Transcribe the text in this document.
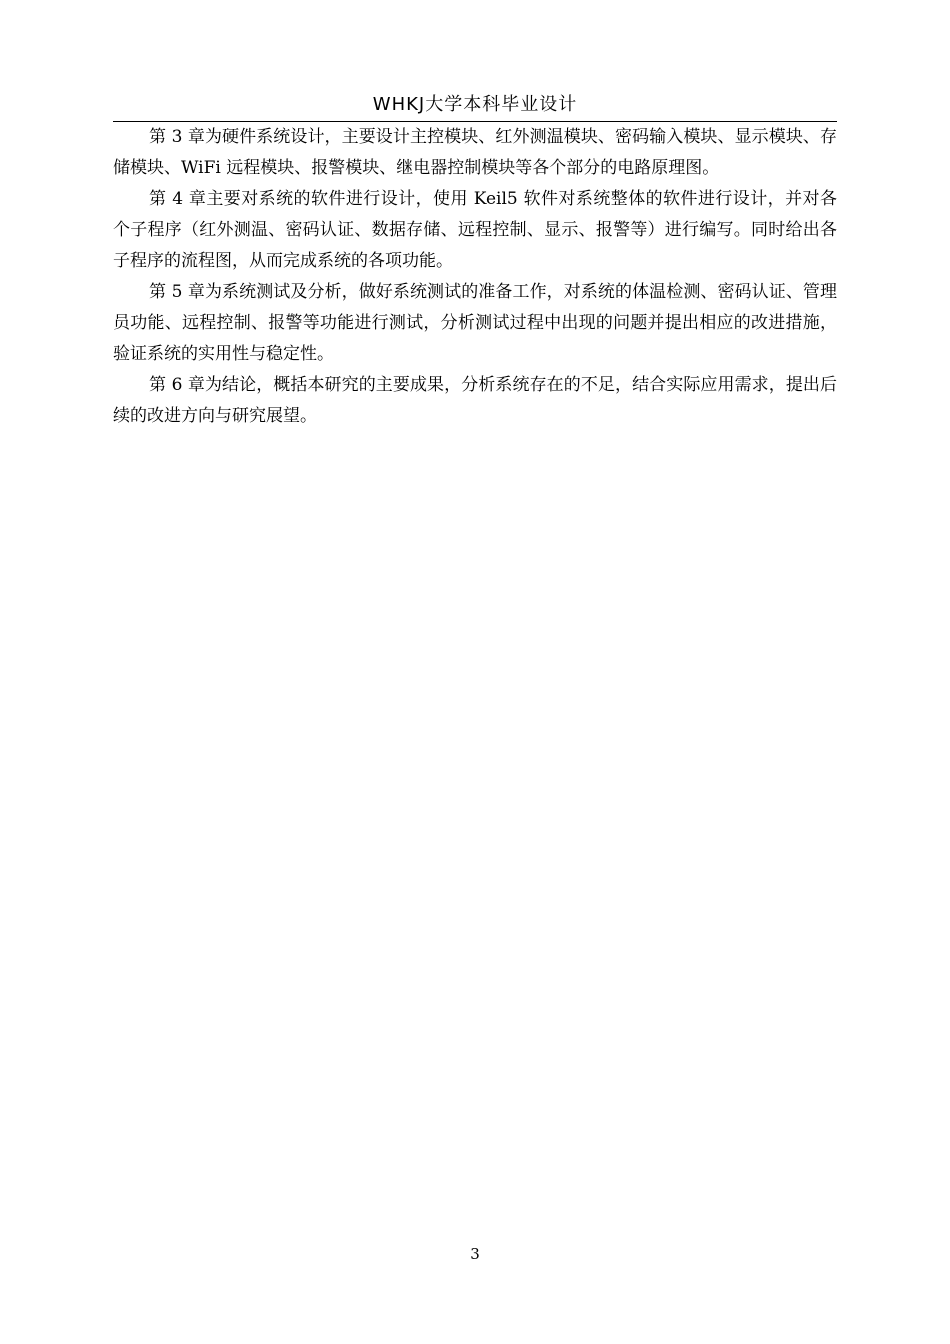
WHKJ大学本科毕业设计

第 3 章为硬件系统设计，主要设计主控模块、红外测温模块、密码输入模块、显示模块、存储模块、WiFi 远程模块、报警模块、继电器控制模块等各个部分的电路原理图。

第 4 章主要对系统的软件进行设计，使用 Keil5 软件对系统整体的软件进行设计，并对各个子程序（红外测温、密码认证、数据存储、远程控制、显示、报警等）进行编写。同时给出各子程序的流程图，从而完成系统的各项功能。

第 5 章为系统测试及分析，做好系统测试的准备工作，对系统的体温检测、密码认证、管理员功能、远程控制、报警等功能进行测试，分析测试过程中出现的问题并提出相应的改进措施，验证系统的实用性与稳定性。

第 6 章为结论，概括本研究的主要成果，分析系统存在的不足，结合实际应用需求，提出后续的改进方向与研究展望。

3
